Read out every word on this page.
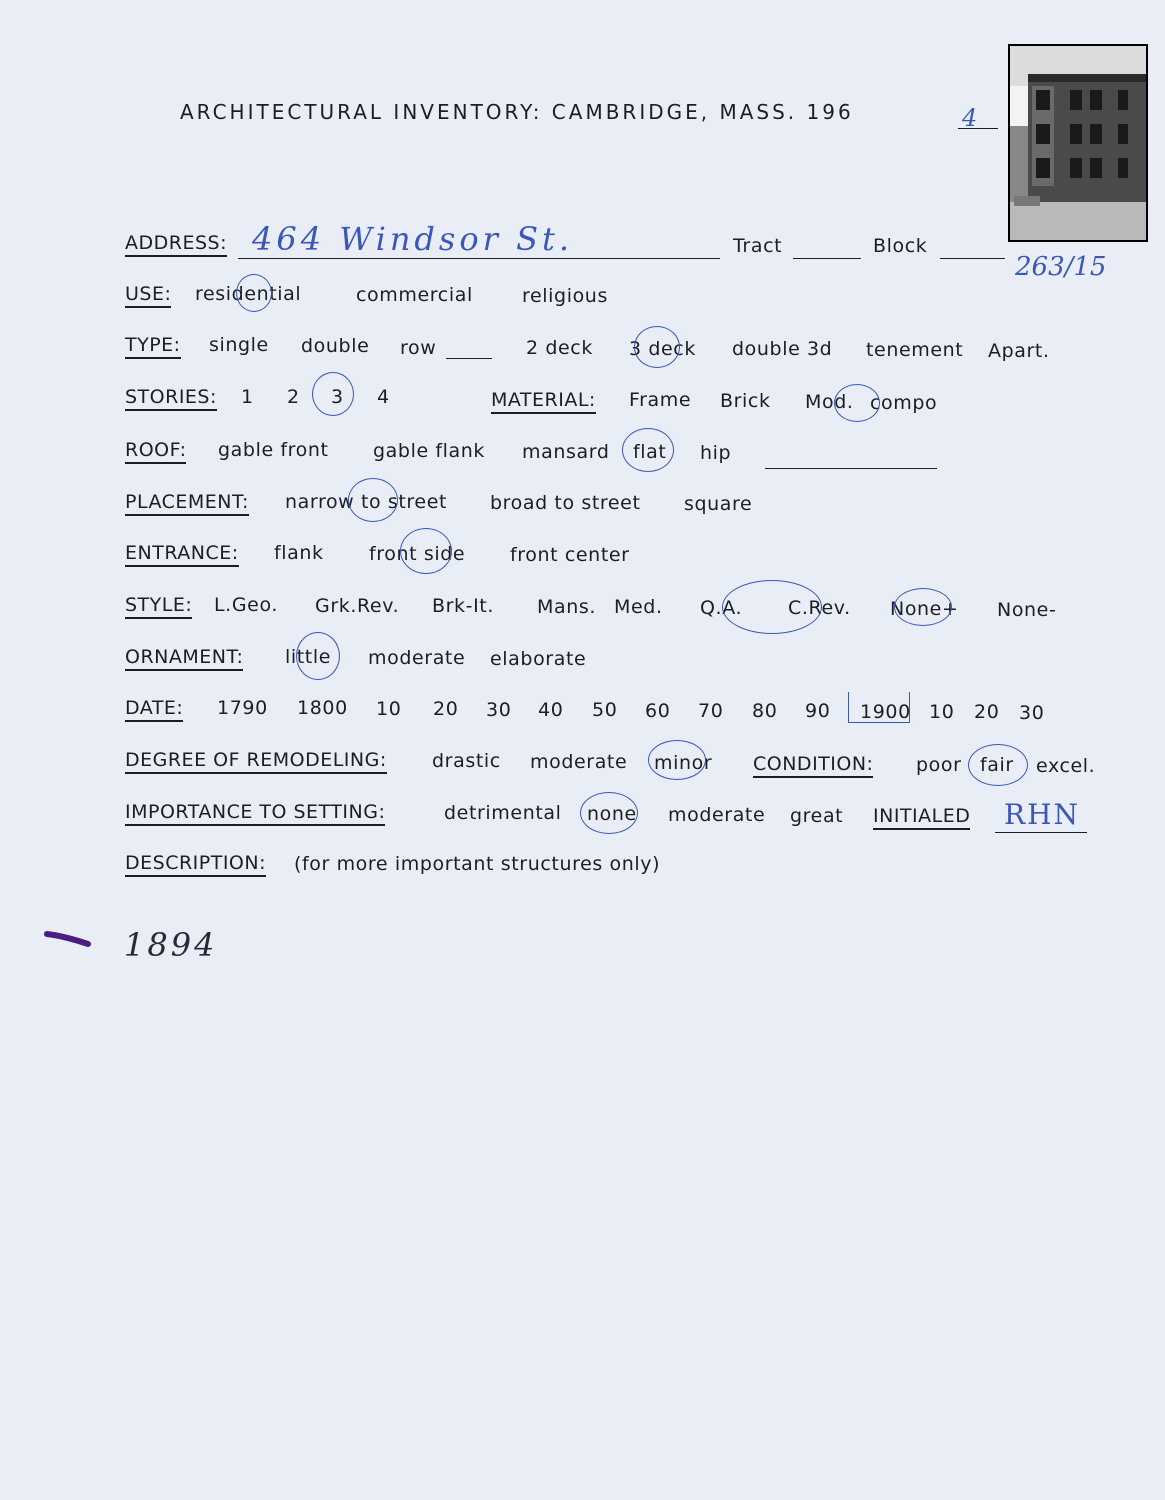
ARCHITECTURAL INVENTORY: CAMBRIDGE, MASS. 196	4
ADDRESS: 464 Windsor St.	Tract	Block
263/15
USE: residential	commercial	religious
TYPE: single double row	2 deck 3 deck double 3d tenement Apart.
STORIES: 1 2 3 4	MATERIAL: Frame Brick Mod. compo
ROOF: gable front gable flank mansard flat hip
PLACEMENT: narrow to street broad to street square
ENTRANCE: flank front side front center
STYLE: L.Geo. Grk.Rev. Brk-It. Mans. Med. Q.A. C.Rev. None+ None-
ORNAMENT: little moderate elaborate
DATE: 1790 1800 10 20 30 40 50 60 70 80 90 1900 10 20 30
DEGREE OF REMODELING: drastic moderate minor CONDITION: poor fair excel.
IMPORTANCE TO SETTING:	detrimental none moderate great INITIALED RHN
DESCRIPTION: (for more important structures only)
1894
